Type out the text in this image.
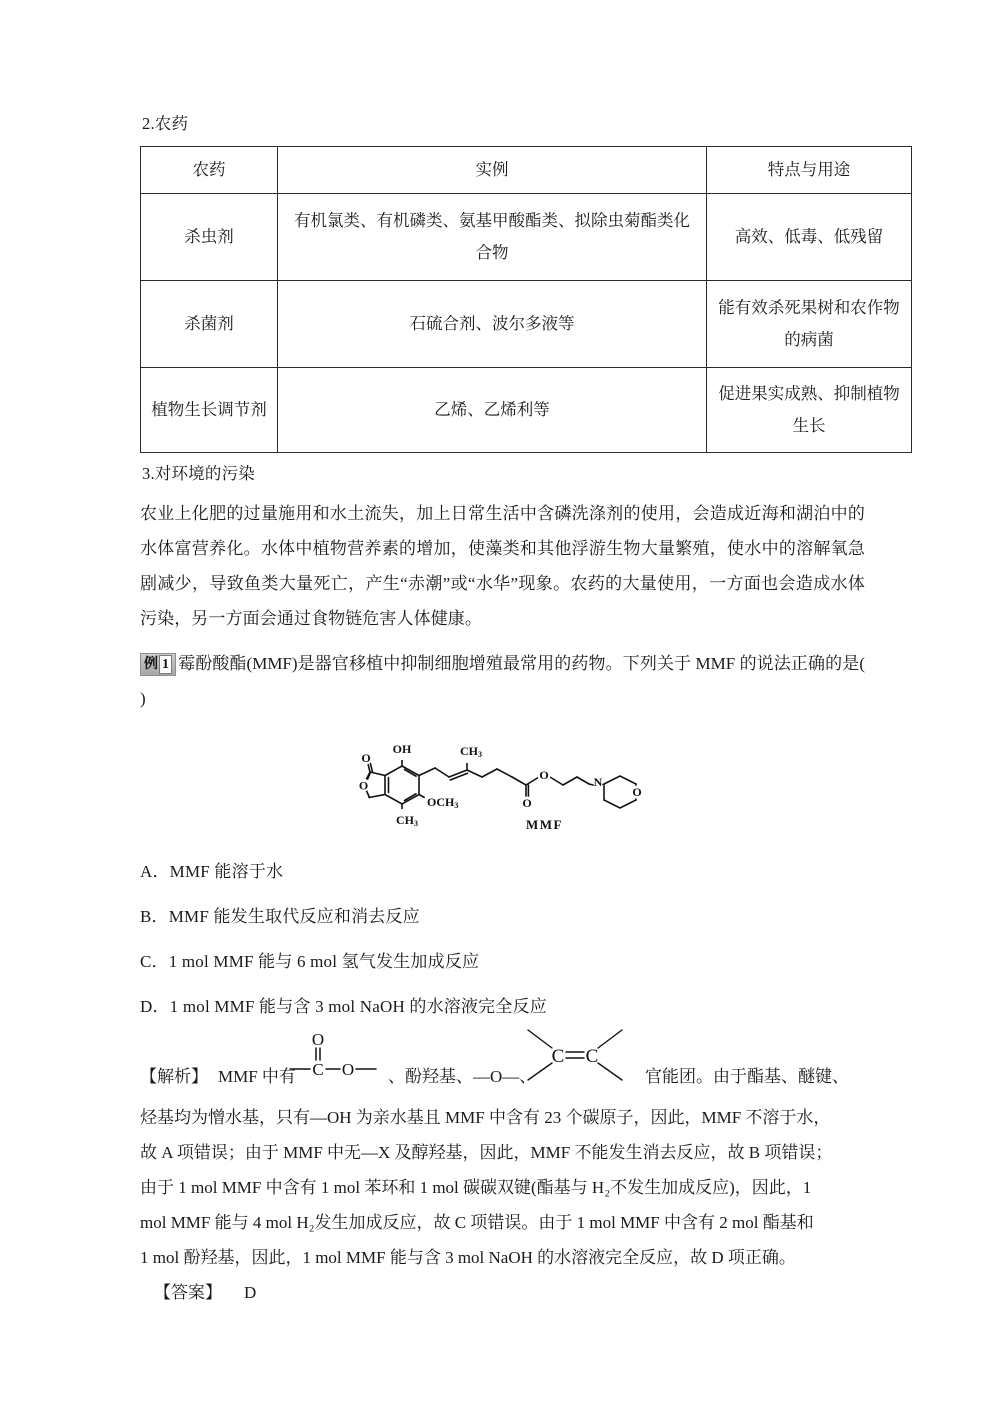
2.农药
农药	实例	特点与用途
杀虫剂	有机氯类、有机磷类、氨基甲酸酯类、拟除虫菊酯类化合物	高效、低毒、低残留
杀菌剂	石硫合剂、波尔多液等	能有效杀死果树和农作物的病菌
植物生长调节剂	乙烯、乙烯利等	促进果实成熟、抑制植物生长
3.对环境的污染
农业上化肥的过量施用和水土流失，加上日常生活中含磷洗涤剂的使用，会造成近海和湖泊中的水体富营养化。水体中植物营养素的增加，使藻类和其他浮游生物大量繁殖，使水中的溶解氧急剧减少，导致鱼类大量死亡，产生“赤潮”或“水华”现象。农药的大量使用，一方面也会造成水体污染，另一方面会通过食物链危害人体健康。
例 1 霉酚酸酯(MMF)是器官移植中抑制细胞增殖最常用的药物。下列关于 MMF 的说法正确的是( )
O
O
OH
CH3
OCH3
CH3
O
O
N
O
MMF
A．MMF 能溶于水
B．MMF 能发生取代反应和消去反应
C．1 mol MMF 能与 6 mol 氢气发生加成反应
D．1 mol MMF 能与含 3 mol NaOH 的水溶液完全反应
【解析】 MMF 中有
O
C O 、酚羟基、—O—、
C C
官能团。由于酯基、醚键、
烃基均为憎水基，只有—OH 为亲水基且 MMF 中含有 23 个碳原子，因此，MMF 不溶于水，
故 A 项错误；由于 MMF 中无—X 及醇羟基，因此，MMF 不能发生消去反应，故 B 项错误；
由于 1 mol MMF 中含有 1 mol 苯环和 1 mol 碳碳双键(酯基与 H₂不发生加成反应)，因此，1
mol MMF 能与 4 mol H₂发生加成反应，故 C 项错误。由于 1 mol MMF 中含有 2 mol 酯基和
1 mol 酚羟基，因此，1 mol MMF 能与含 3 mol NaOH 的水溶液完全反应，故 D 项正确。
【答案】 D
